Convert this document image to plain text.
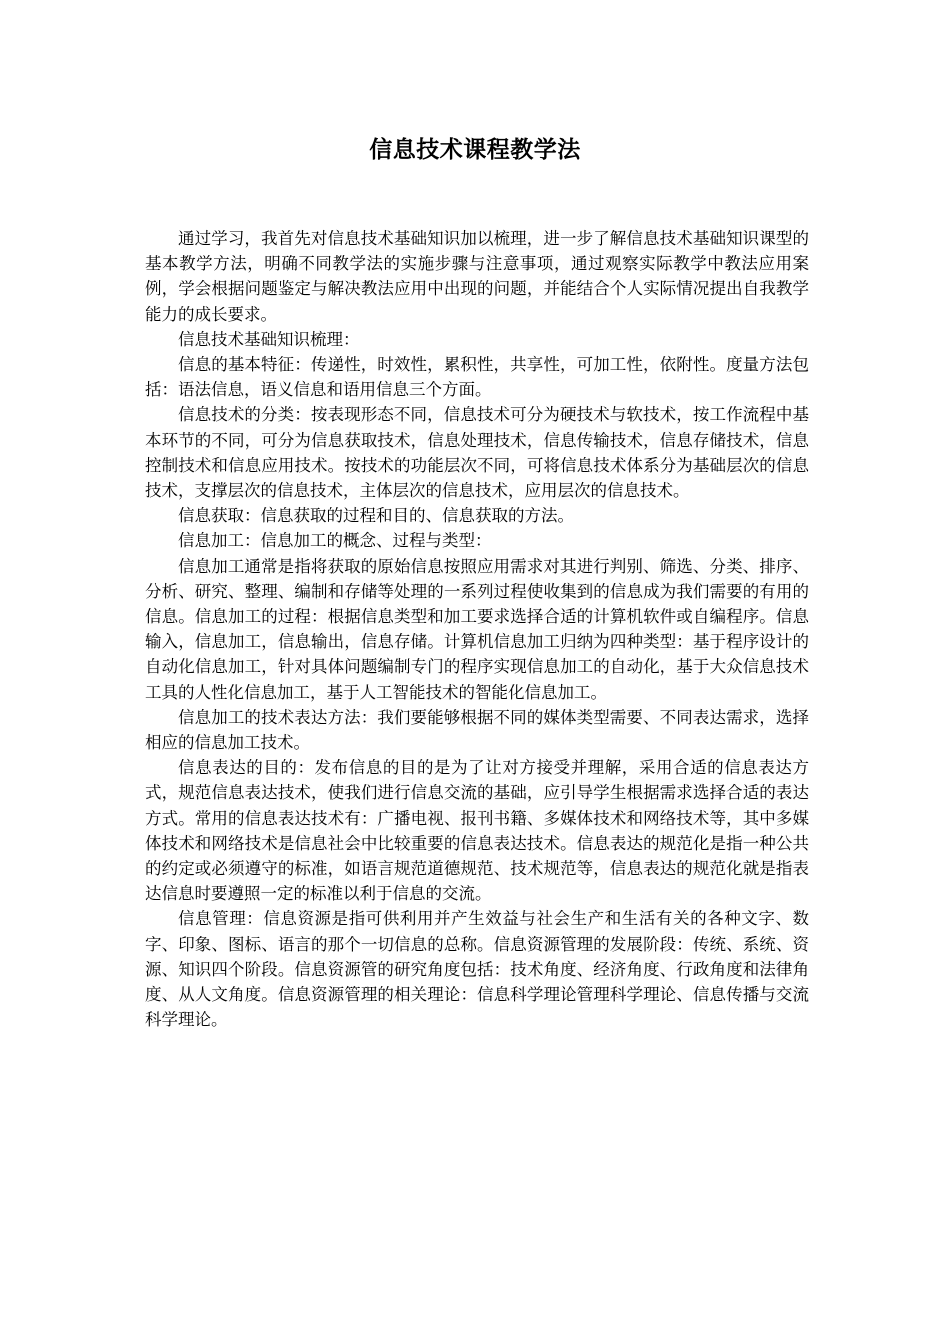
信息技术课程教学法

通过学习，我首先对信息技术基础知识加以梳理，进一步了解信息技术基础知识课型的基本教学方法，明确不同教学法的实施步骤与注意事项，通过观察实际教学中教法应用案例，学会根据问题鉴定与解决教法应用中出现的问题，并能结合个人实际情况提出自我教学能力的成长要求。

信息技术基础知识梳理：

信息的基本特征：传递性，时效性，累积性，共享性，可加工性，依附性。度量方法包括：语法信息，语义信息和语用信息三个方面。

信息技术的分类：按表现形态不同，信息技术可分为硬技术与软技术，按工作流程中基本环节的不同，可分为信息获取技术，信息处理技术，信息传输技术，信息存储技术，信息控制技术和信息应用技术。按技术的功能层次不同，可将信息技术体系分为基础层次的信息技术，支撑层次的信息技术，主体层次的信息技术，应用层次的信息技术。

信息获取：信息获取的过程和目的、信息获取的方法。

信息加工：信息加工的概念、过程与类型：

信息加工通常是指将获取的原始信息按照应用需求对其进行判别、筛选、分类、排序、分析、研究、整理、编制和存储等处理的一系列过程使收集到的信息成为我们需要的有用的信息。信息加工的过程：根据信息类型和加工要求选择合适的计算机软件或自编程序。信息输入，信息加工，信息输出，信息存储。计算机信息加工归纳为四种类型：基于程序设计的自动化信息加工，针对具体问题编制专门的程序实现信息加工的自动化，基于大众信息技术工具的人性化信息加工，基于人工智能技术的智能化信息加工。

信息加工的技术表达方法：我们要能够根据不同的媒体类型需要、不同表达需求，选择相应的信息加工技术。

信息表达的目的：发布信息的目的是为了让对方接受并理解，采用合适的信息表达方式，规范信息表达技术，使我们进行信息交流的基础，应引导学生根据需求选择合适的表达方式。常用的信息表达技术有：广播电视、报刊书籍、多媒体技术和网络技术等，其中多媒体技术和网络技术是信息社会中比较重要的信息表达技术。信息表达的规范化是指一种公共的约定或必须遵守的标准，如语言规范道德规范、技术规范等，信息表达的规范化就是指表达信息时要遵照一定的标准以利于信息的交流。

信息管理：信息资源是指可供利用并产生效益与社会生产和生活有关的各种文字、数字、印象、图标、语言的那个一切信息的总称。信息资源管理的发展阶段：传统、系统、资源、知识四个阶段。信息资源管的研究角度包括：技术角度、经济角度、行政角度和法律角度、从人文角度。信息资源管理的相关理论：信息科学理论管理科学理论、信息传播与交流科学理论。
